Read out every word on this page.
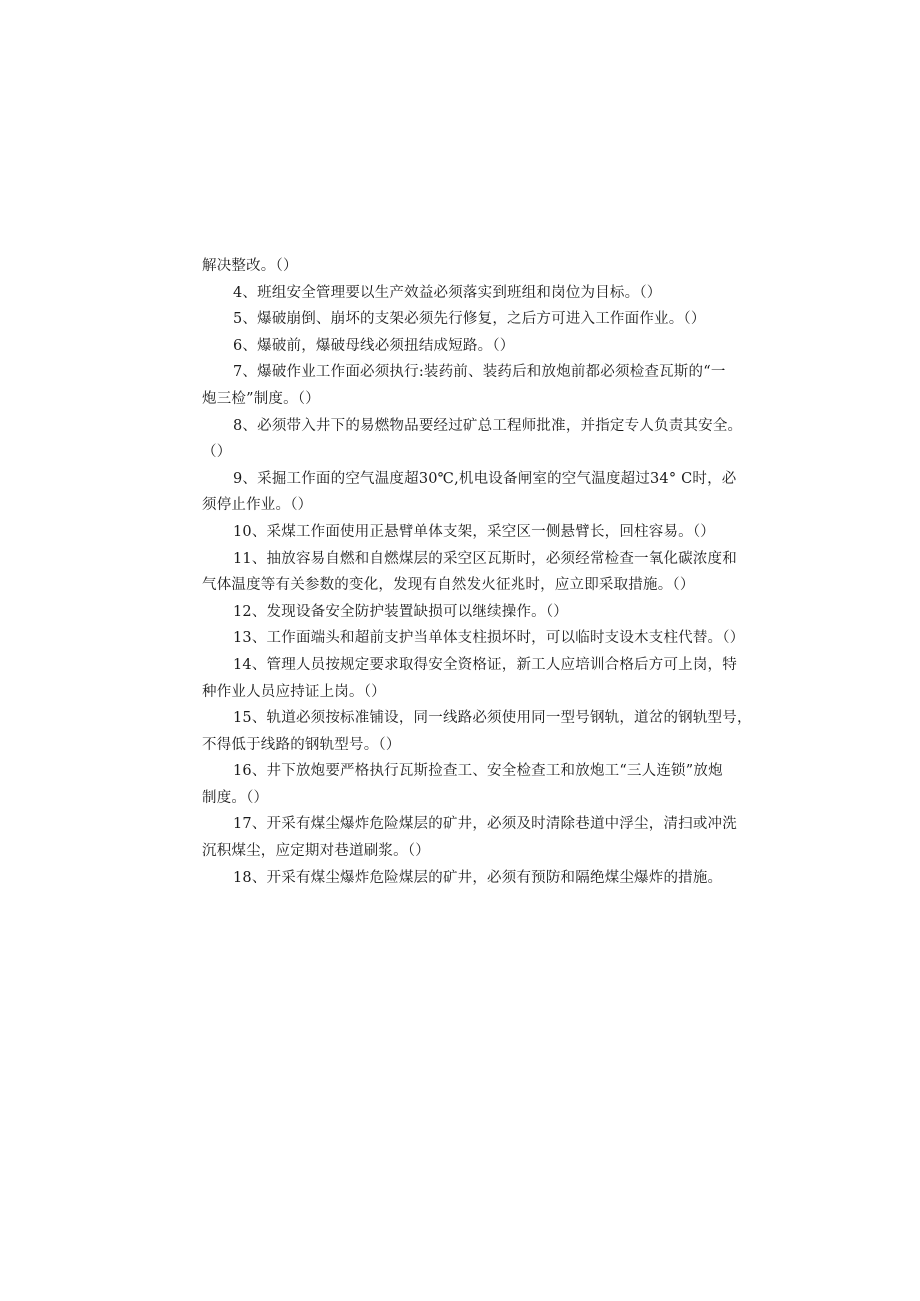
解决整改。（）
4、班组安全管理要以生产效益必须落实到班组和岗位为目标。（）
5、爆破崩倒、崩坏的支架必须先行修复，之后方可进入工作面作业。（）
6、爆破前，爆破母线必须扭结成短路。（）
7、爆破作业工作面必须执行:装药前、装药后和放炮前都必须检查瓦斯的“一
炮三检”制度。（）
8、必须带入井下的易燃物品要经过矿总工程师批准，并指定专人负责其安全。
（）
9、采掘工作面的空气温度超30℃,机电设备闸室的空气温度超过34° C时，必
须停止作业。（）
10、采煤工作面使用正悬臂单体支架，采空区一侧悬臂长，回柱容易。（）
11、抽放容易自燃和自燃煤层的采空区瓦斯时，必须经常检查一氧化碳浓度和
气体温度等有关参数的变化，发现有自然发火征兆时，应立即采取措施。（）
12、发现设备安全防护装置缺损可以继续操作。（）
13、工作面端头和超前支护当单体支柱损坏时，可以临时支设木支柱代替。（）
14、管理人员按规定要求取得安全资格证，新工人应培训合格后方可上岗，特
种作业人员应持证上岗。（）
15、轨道必须按标准铺设，同一线路必须使用同一型号钢轨，道岔的钢轨型号，
不得低于线路的钢轨型号。（）
16、井下放炮要严格执行瓦斯捡查工、安全检查工和放炮工“三人连锁”放炮
制度。（）
17、开采有煤尘爆炸危险煤层的矿井，必须及时清除巷道中浮尘，清扫或冲洗
沉积煤尘，应定期对巷道刷浆。（）
18、开采有煤尘爆炸危险煤层的矿井，必须有预防和隔绝煤尘爆炸的措施。
